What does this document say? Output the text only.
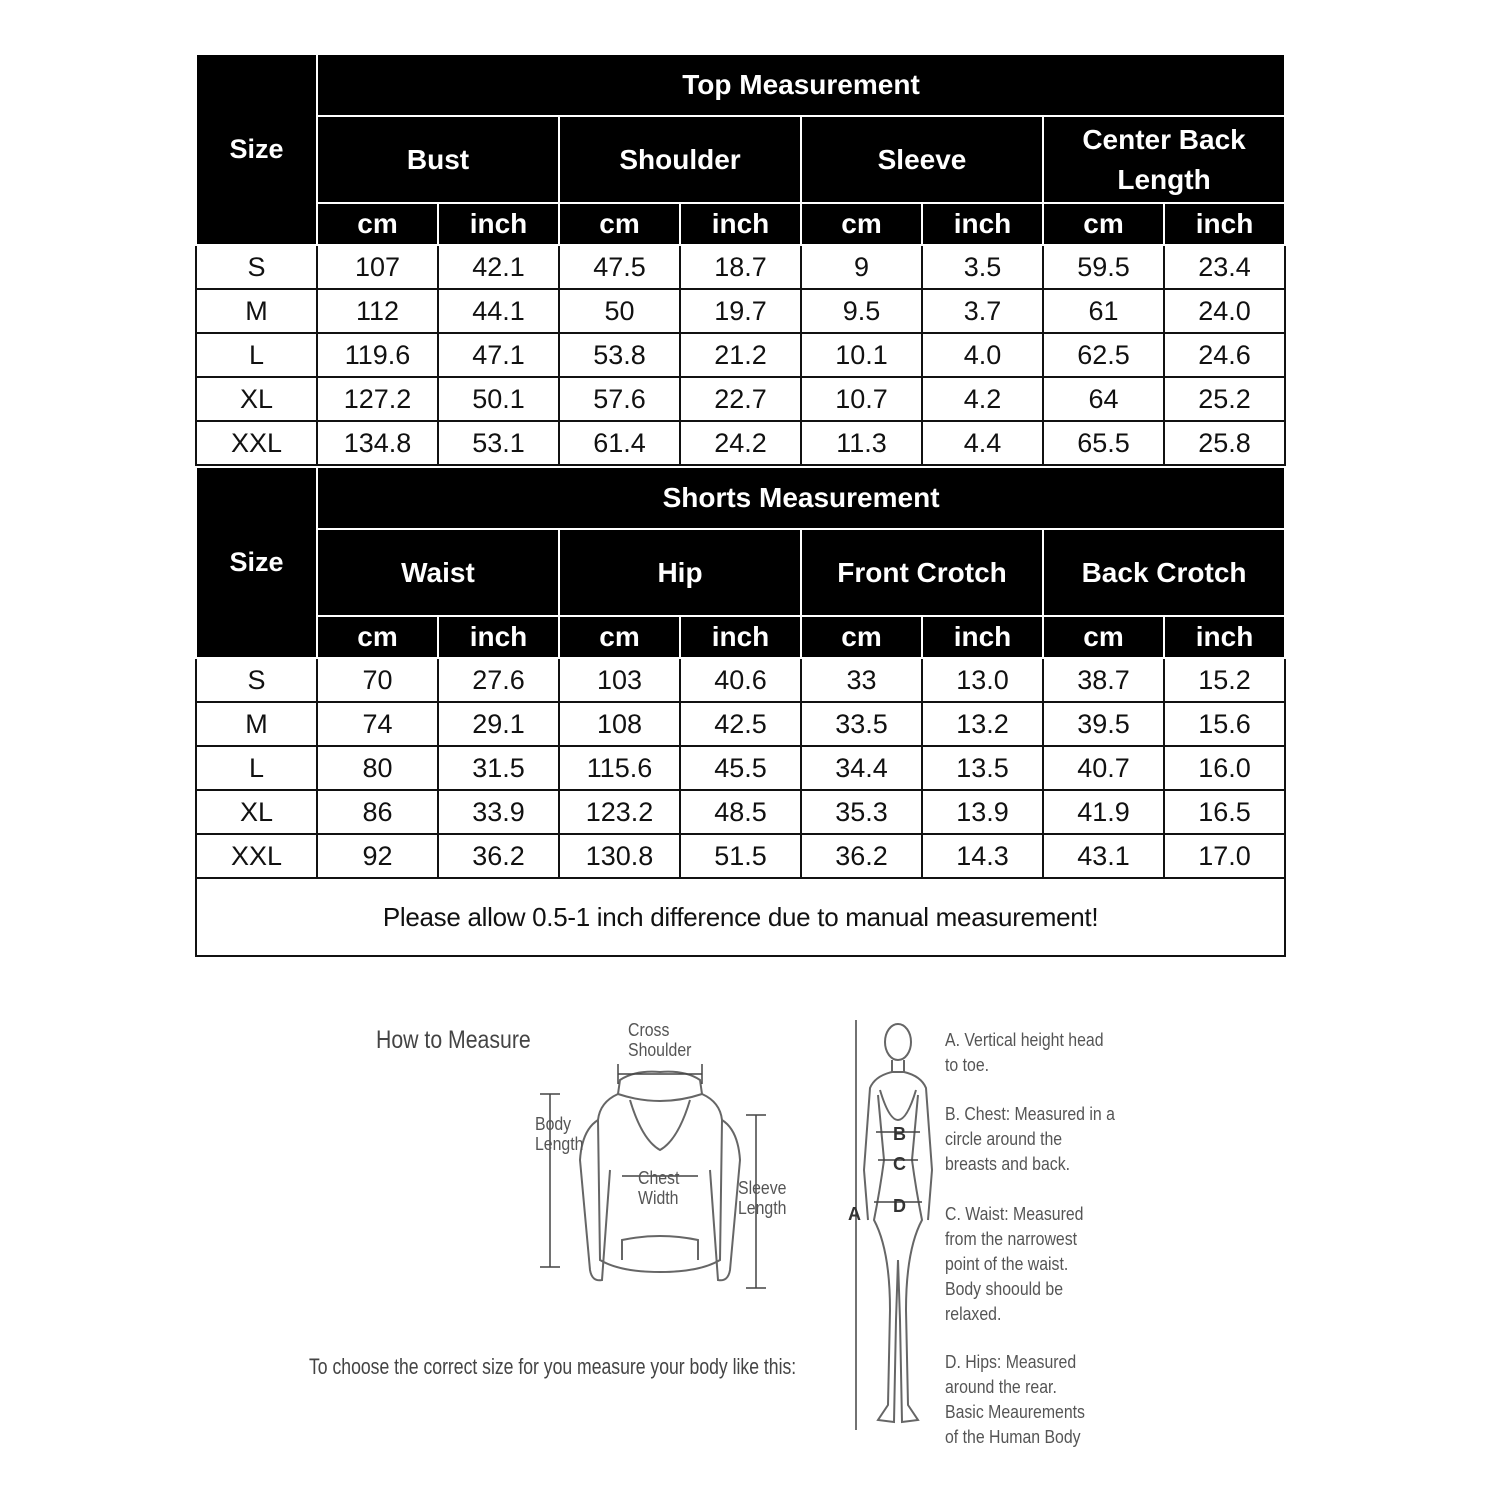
Size	Top Measurement							
	Bust		Shoulder		Sleeve		Center Back Length	
	cm	inch	cm	inch	cm	inch	cm	inch
S	107	42.1	47.5	18.7	9	3.5	59.5	23.4
M	112	44.1	50	19.7	9.5	3.7	61	24.0
L	119.6	47.1	53.8	21.2	10.1	4.0	62.5	24.6
XL	127.2	50.1	57.6	22.7	10.7	4.2	64	25.2
XXL	134.8	53.1	61.4	24.2	11.3	4.4	65.5	25.8
Size	Shorts Measurement							
	Waist		Hip		Front Crotch		Back Crotch	
	cm	inch	cm	inch	cm	inch	cm	inch
S	70	27.6	103	40.6	33	13.0	38.7	15.2
M	74	29.1	108	42.5	33.5	13.2	39.5	15.6
L	80	31.5	115.6	45.5	34.4	13.5	40.7	16.0
XL	86	33.9	123.2	48.5	35.3	13.9	41.9	16.5
XXL	92	36.2	130.8	51.5	36.2	14.3	43.1	17.0
Please allow 0.5-1 inch difference due to manual measurement!								
How to Measure
To choose the correct size for you measure your body like this:
Cross
Shoulder
Body
Length
Chest
Width	Sleeve
Length	A
B
C
D
A. Vertical height head
to toe.
B. Chest: Measured in a
circle around the
breasts and back.
C. Waist: Measured
from the narrowest
point of the waist.
Body shoould be
relaxed.
D. Hips: Measured
around the rear.
Basic Meaurements
of the Human Body
